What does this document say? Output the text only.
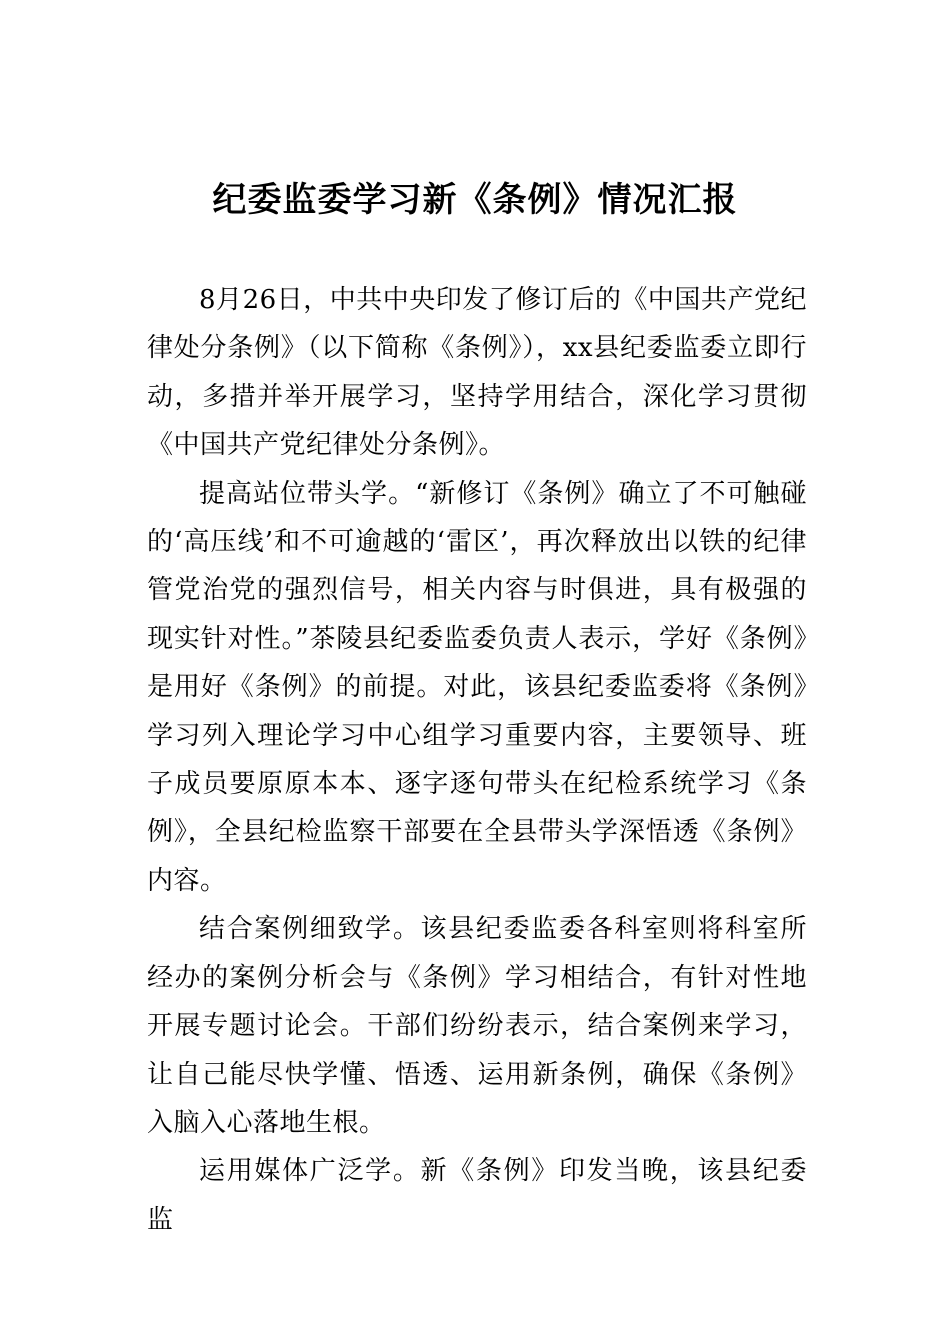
纪委监委学习新《条例》情况汇报

8月26日，中共中央印发了修订后的《中国共产党纪律处分条例》（以下简称《条例》），xx县纪委监委立即行动，多措并举开展学习，坚持学用结合，深化学习贯彻《中国共产党纪律处分条例》。

提高站位带头学。“新修订《条例》确立了不可触碰的‘高压线’和不可逾越的‘雷区’，再次释放出以铁的纪律管党治党的强烈信号，相关内容与时俱进，具有极强的现实针对性。”茶陵县纪委监委负责人表示，学好《条例》是用好《条例》的前提。对此，该县纪委监委将《条例》学习列入理论学习中心组学习重要内容，主要领导、班子成员要原原本本、逐字逐句带头在纪检系统学习《条例》，全县纪检监察干部要在全县带头学深悟透《条例》内容。

结合案例细致学。该县纪委监委各科室则将科室所经办的案例分析会与《条例》学习相结合，有针对性地开展专题讨论会。干部们纷纷表示，结合案例来学习，让自己能尽快学懂、悟透、运用新条例，确保《条例》入脑入心落地生根。

运用媒体广泛学。新《条例》印发当晚，该县纪委监
